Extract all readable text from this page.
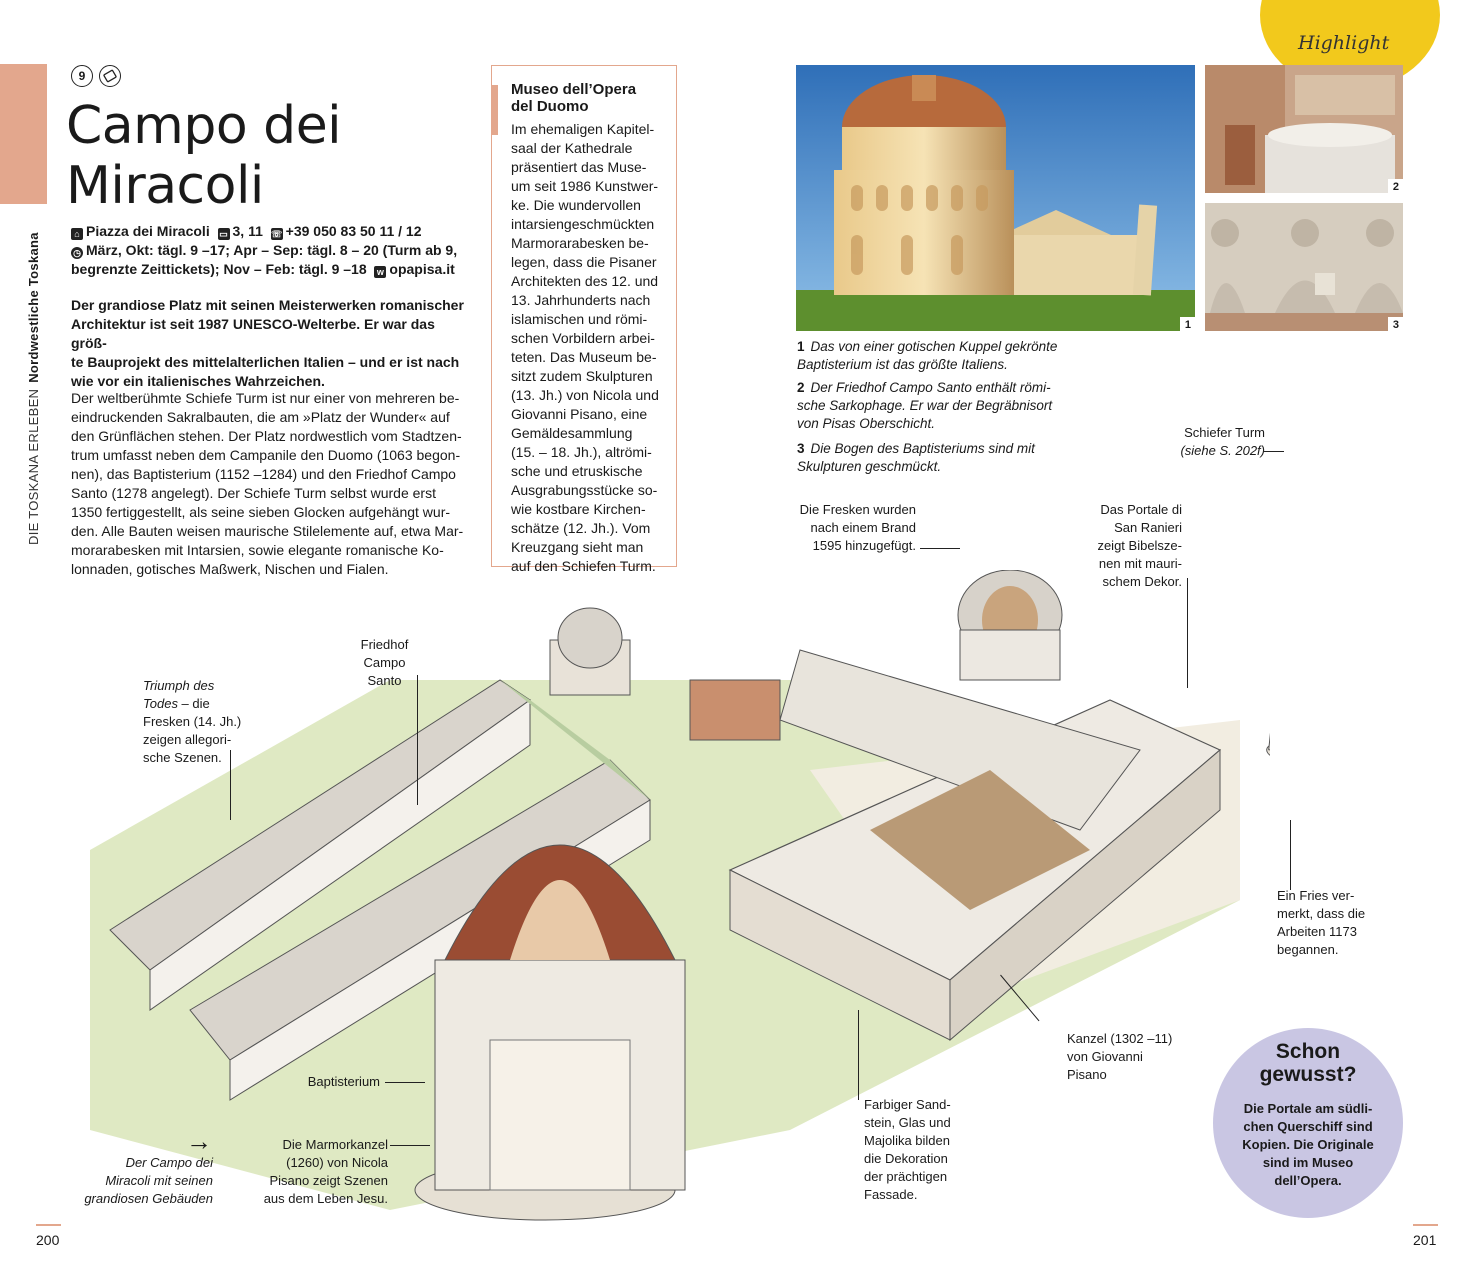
DIE TOSKANA ERLEBENNordwestliche Toskana
9
Campo dei
Miracoli
⌂ Piazza dei Miracoli ▭ 3, 11 ☏ +39 050 83 50 11 / 12
◷ März, Okt: tägl. 9 –17; Apr – Sep: tägl. 8 – 20 (Turm ab 9,
begrenzte Zeittickets); Nov – Feb: tägl. 9 –18 w opapisa.it
Der grandiose Platz mit seinen Meisterwerken romanischer
Architektur ist seit 1987 UNESCO-Welterbe. Er war das größ-
te Bauprojekt des mittelalterlichen Italien – und er ist nach
wie vor ein italienisches Wahrzeichen.
Der weltberühmte Schiefe Turm ist nur einer von mehreren be-
eindruckenden Sakralbauten, die am »Platz der Wunder« auf
den Grünflächen stehen. Der Platz nordwestlich vom Stadtzen-
trum umfasst neben dem Campanile den Duomo (1063 begon-
nen), das Baptisterium (1152 –1284) und den Friedhof Campo
Santo (1278 angelegt). Der Schiefe Turm selbst wurde erst
1350 fertiggestellt, als seine sieben Glocken aufgehängt wur-
den. Alle Bauten weisen maurische Stilelemente auf, etwa Mar-
morarabesken mit Intarsien, sowie elegante romanische Ko-
lonnaden, gotisches Maßwerk, Nischen und Fialen.
Museo dell’Opera
del Duomo
Im ehemaligen Kapitel-
saal der Kathedrale
präsentiert das Muse-
um seit 1986 Kunstwer-
ke. Die wundervollen
intarsiengeschmückten
Marmorarabesken be-
legen, dass die Pisaner
Architekten des 12. und
13. Jahrhunderts nach
islamischen und römi-
schen Vorbildern arbei-
teten. Das Museum be-
sitzt zudem Skulpturen
(13. Jh.) von Nicola und
Giovanni Pisano, eine
Gemäldesammlung
(15. – 18. Jh.), altrömi-
sche und etruskische
Ausgrabungsstücke so-
wie kostbare Kirchen-
schätze (12. Jh.). Vom
Kreuzgang sieht man
auf den Schiefen Turm.
Highlight
1
2
3
1 Das von einer gotischen Kuppel gekrönte
Baptisterium ist das größte Italiens.
2 Der Friedhof Campo Santo enthält römi-
sche Sarkophage. Er war der Begräbnisort
von Pisas Oberschicht.
3 Die Bogen des Baptisteriums sind mit
Skulpturen geschmückt.
Schiefer Turm
(siehe S. 202f)
Die Fresken wurden
nach einem Brand
1595 hinzugefügt.
Das Portale di
San Ranieri
zeigt Bibelsze-
nen mit mauri-
schem Dekor.
Friedhof
Campo
Santo
Triumph des
Todes – die
Fresken (14. Jh.)
zeigen allegori-
sche Szenen.
Ein Fries ver-
merkt, dass die
Arbeiten 1173
begannen.
Kanzel (1302 –11)
von Giovanni
Pisano
Baptisterium
Farbiger Sand-
stein, Glas und
Majolika bilden
die Dekoration
der prächtigen
Fassade.
Die Marmorkanzel
(1260) von Nicola
Pisano zeigt Szenen
aus dem Leben Jesu.
→
Der Campo dei
Miracoli mit seinen
grandiosen Gebäuden
Schon
gewusst?
Die Portale am südli-
chen Querschiff sind
Kopien. Die Originale
sind im Museo
dell’Opera.
200	201
